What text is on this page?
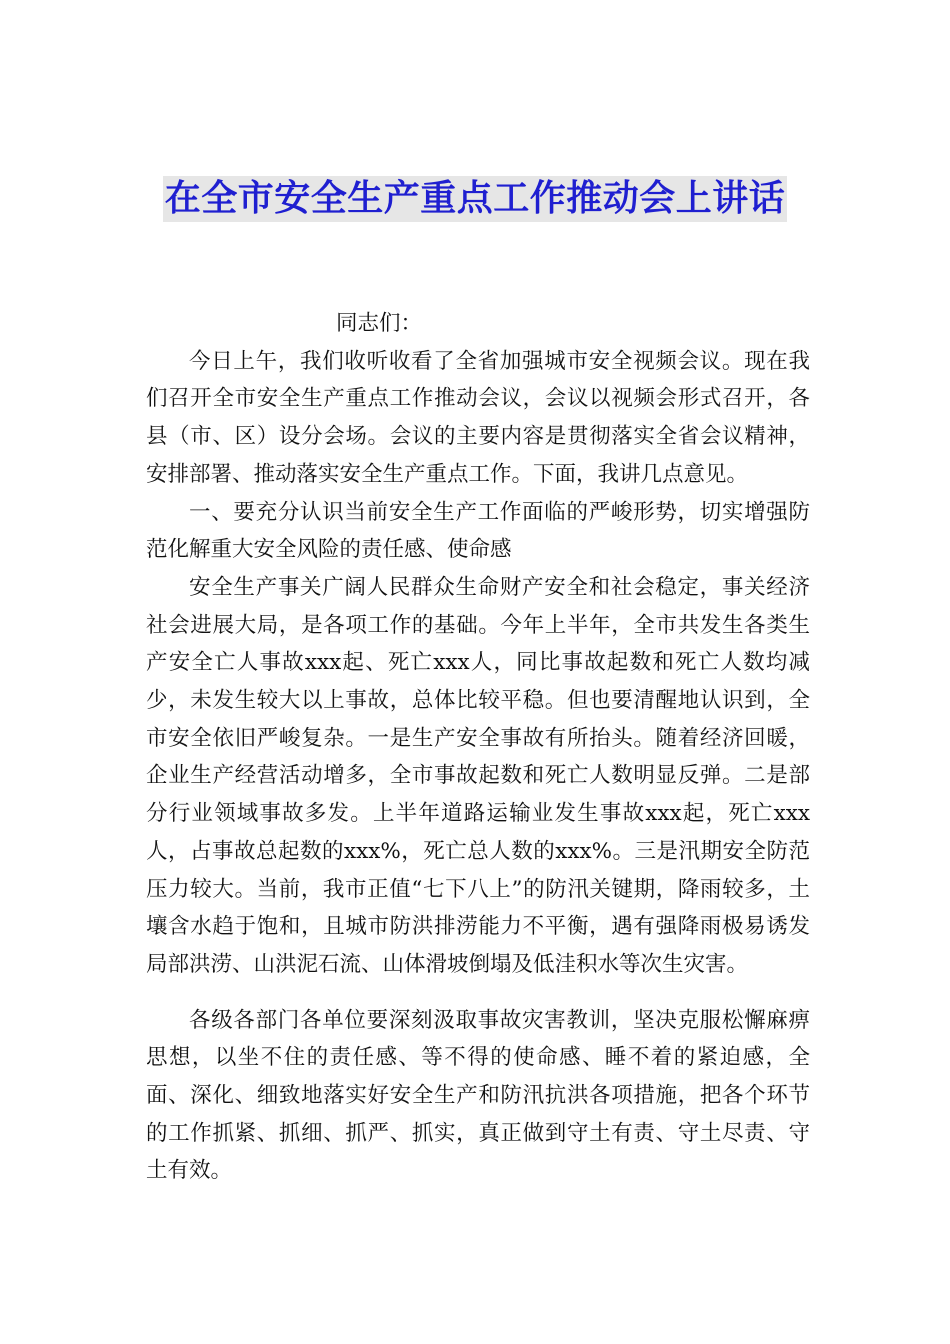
在全市安全生产重点工作推动会上讲话

同志们：

今日上午，我们收听收看了全省加强城市安全视频会议。现在我们召开全市安全生产重点工作推动会议，会议以视频会形式召开，各县（市、区）设分会场。会议的主要内容是贯彻落实全省会议精神，安排部署、推动落实安全生产重点工作。下面，我讲几点意见。

一、要充分认识当前安全生产工作面临的严峻形势，切实增强防范化解重大安全风险的责任感、使命感

安全生产事关广阔人民群众生命财产安全和社会稳定，事关经济社会进展大局，是各项工作的基础。今年上半年，全市共发生各类生产安全亡人事故xxx起、死亡xxx人，同比事故起数和死亡人数均减少，未发生较大以上事故，总体比较平稳。但也要清醒地认识到，全市安全依旧严峻复杂。一是生产安全事故有所抬头。随着经济回暖，企业生产经营活动增多，全市事故起数和死亡人数明显反弹。二是部分行业领域事故多发。上半年道路运输业发生事故xxx起，死亡xxx人，占事故总起数的xxx%，死亡总人数的xxx%。三是汛期安全防范压力较大。当前，我市正值“七下八上”的防汛关键期，降雨较多，土壤含水趋于饱和，且城市防洪排涝能力不平衡，遇有强降雨极易诱发局部洪涝、山洪泥石流、山体滑坡倒塌及低洼积水等次生灾害。

各级各部门各单位要深刻汲取事故灾害教训，坚决克服松懈麻痹思想，以坐不住的责任感、等不得的使命感、睡不着的紧迫感，全面、深化、细致地落实好安全生产和防汛抗洪各项措施，把各个环节的工作抓紧、抓细、抓严、抓实，真正做到守土有责、守土尽责、守土有效。
